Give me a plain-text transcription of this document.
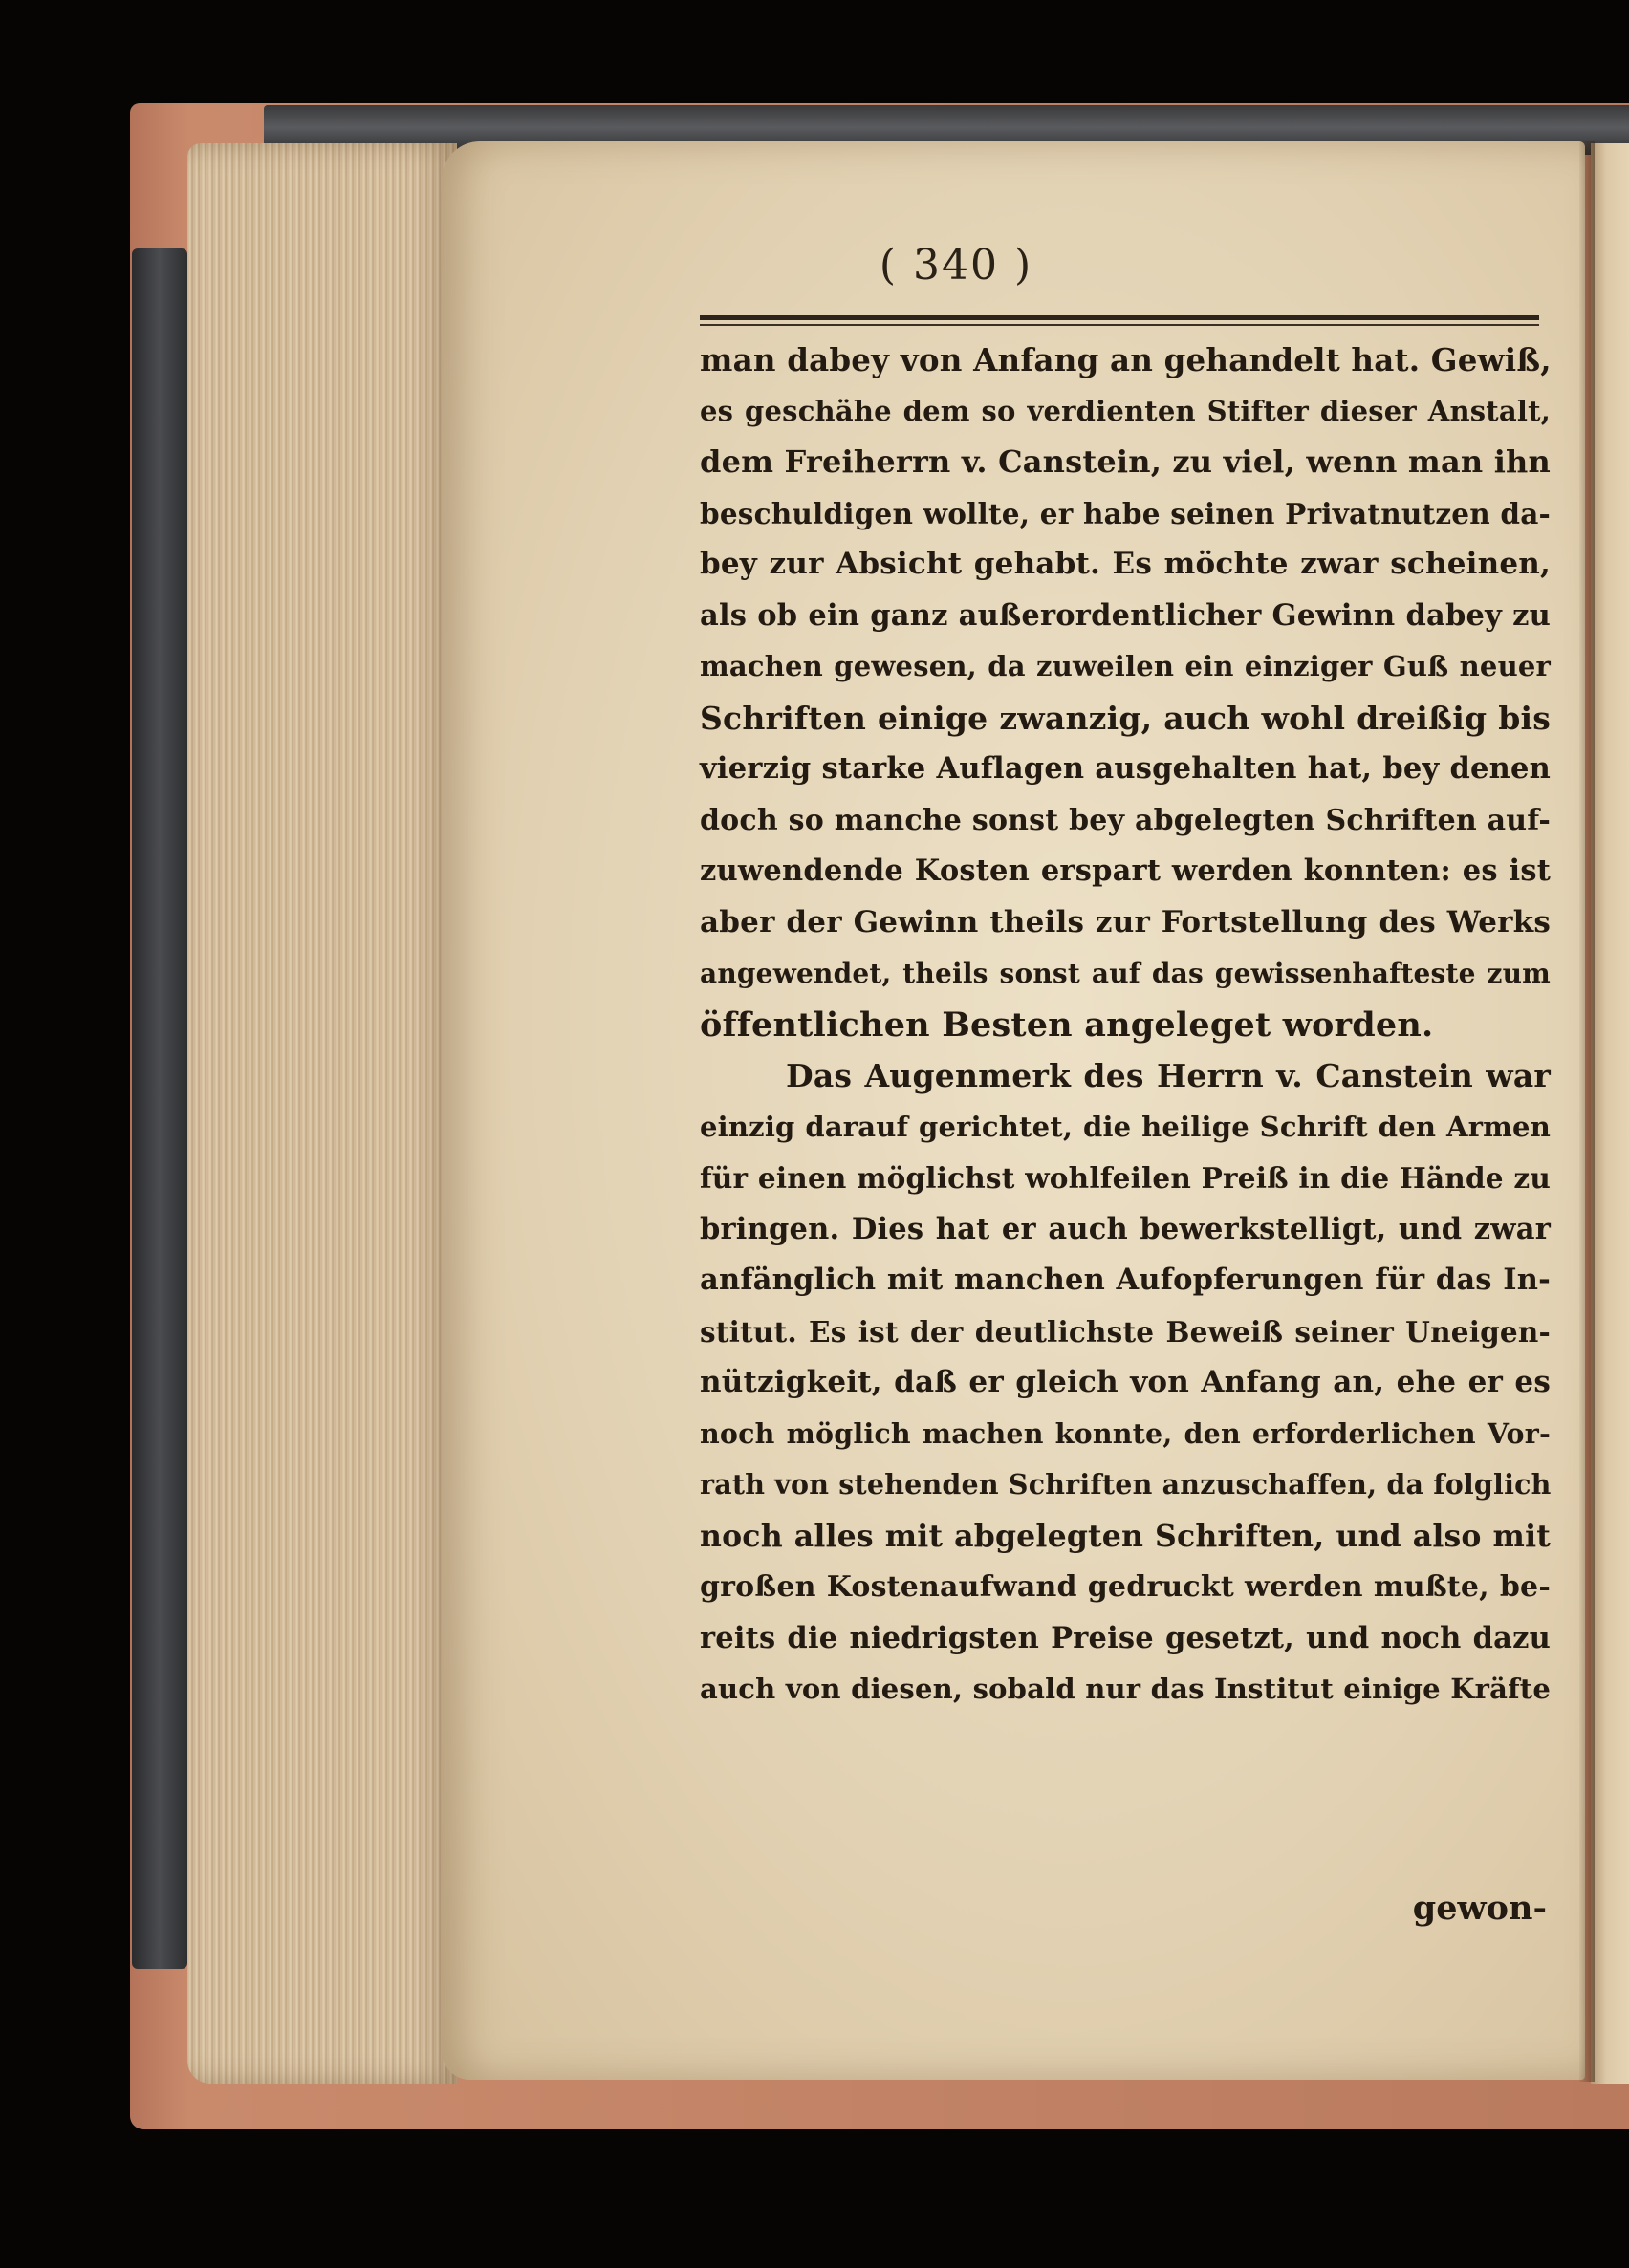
( 340 )
man dabey von Anfang an gehandelt hat. Gewiß,
es geschähe dem so verdienten Stifter dieser Anstalt,
dem Freiherrn v. Canstein, zu viel, wenn man ihn
beschuldigen wollte, er habe seinen Privatnutzen da-
bey zur Absicht gehabt. Es möchte zwar scheinen,
als ob ein ganz außerordentlicher Gewinn dabey zu
machen gewesen, da zuweilen ein einziger Guß neuer
Schriften einige zwanzig, auch wohl dreißig bis
vierzig starke Auflagen ausgehalten hat, bey denen
doch so manche sonst bey abgelegten Schriften auf-
zuwendende Kosten erspart werden konnten: es ist
aber der Gewinn theils zur Fortstellung des Werks
angewendet, theils sonst auf das gewissenhafteste zum
öffentlichen Besten angeleget worden.
Das Augenmerk des Herrn v. Canstein war
einzig darauf gerichtet, die heilige Schrift den Armen
für einen möglichst wohlfeilen Preiß in die Hände zu
bringen. Dies hat er auch bewerkstelligt, und zwar
anfänglich mit manchen Aufopferungen für das In-
stitut. Es ist der deutlichste Beweiß seiner Uneigen-
nützigkeit, daß er gleich von Anfang an, ehe er es
noch möglich machen konnte, den erforderlichen Vor-
rath von stehenden Schriften anzuschaffen, da folglich
noch alles mit abgelegten Schriften, und also mit
großen Kostenaufwand gedruckt werden mußte, be-
reits die niedrigsten Preise gesetzt, und noch dazu
auch von diesen, sobald nur das Institut einige Kräfte
gewon-
